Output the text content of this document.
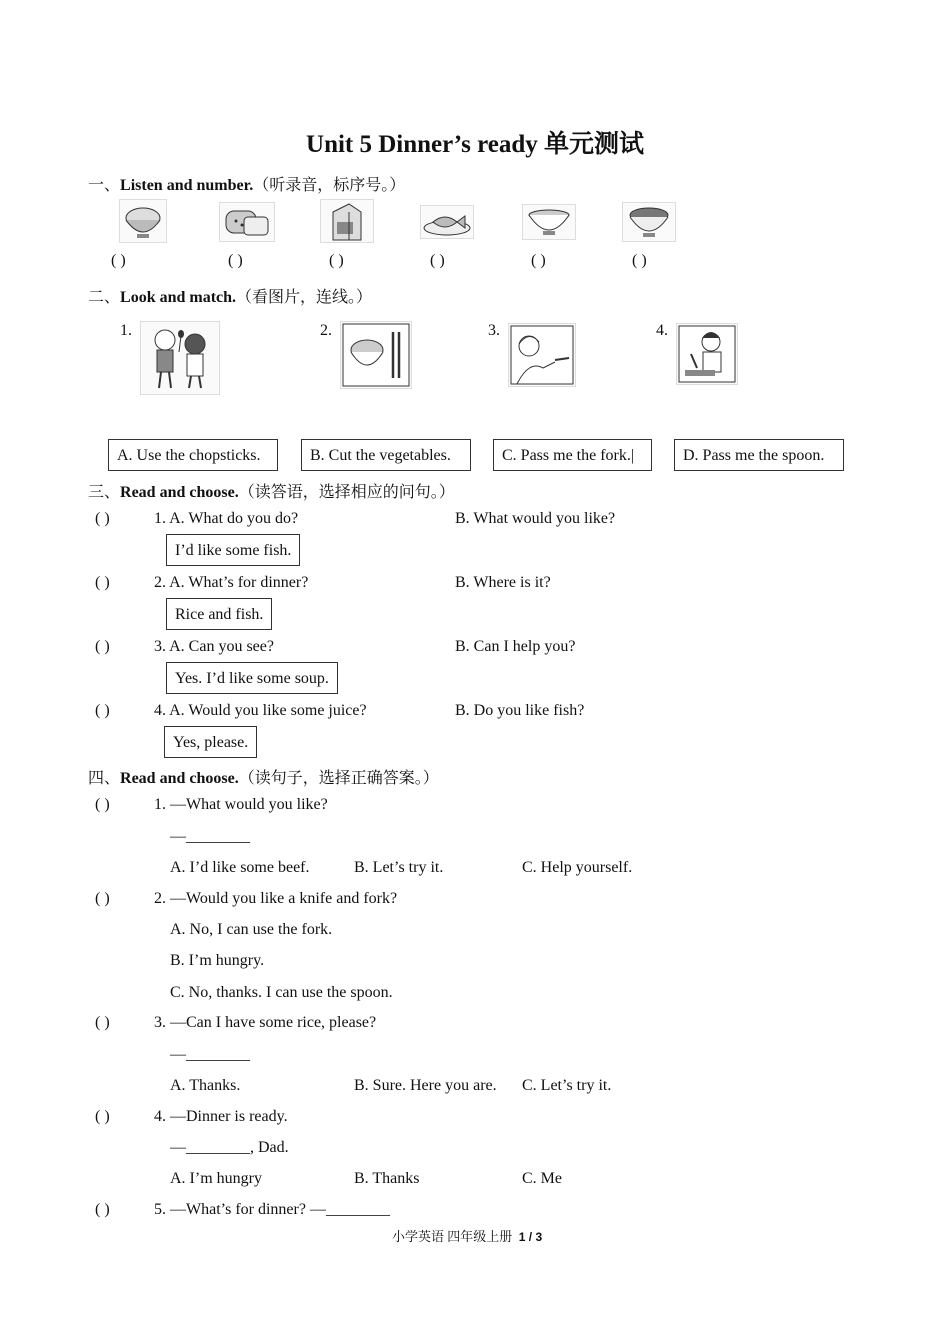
Unit 5 Dinner’s ready 单元测试
一、Listen and number.（听录音，标序号。）
( )	( )	( )	( )	( )	( )
二、Look and match.（看图片，连线。）
1.	2.	3.	4.
A. Use the chopsticks.	B. Cut the vegetables.	C. Pass me the fork.|	D. Pass me the spoon.
三、Read and choose.（读答语，选择相应的问句。）
( )	1. A. What do you do?	B. What would you like?
I’d like some fish.
( )	2. A. What’s for dinner?	B. Where is it?
Rice and fish.
( )	3. A. Can you see?	B. Can I help you?
Yes. I’d like some soup.
( )	4. A. Would you like some juice?	B. Do you like fish?
Yes, please.
四、Read and choose.（读句子，选择正确答案。）
( )	1. —What would you like?
—________
A. I’d like some beef.	B. Let’s try it.	C. Help yourself.
( )	2. —Would you like a knife and fork?
A. No, I can use the fork.
B. I’m hungry.
C. No, thanks. I can use the spoon.
( )	3. —Can I have some rice, please?
—________
A. Thanks.	B. Sure. Here you are. C. Let’s try it.
( )	4. —Dinner is ready.
—________, Dad.
A. I’m hungry	B. Thanks	C. Me
( )	5. —What’s for dinner? —________
小学英语 四年级上册 1 / 3
